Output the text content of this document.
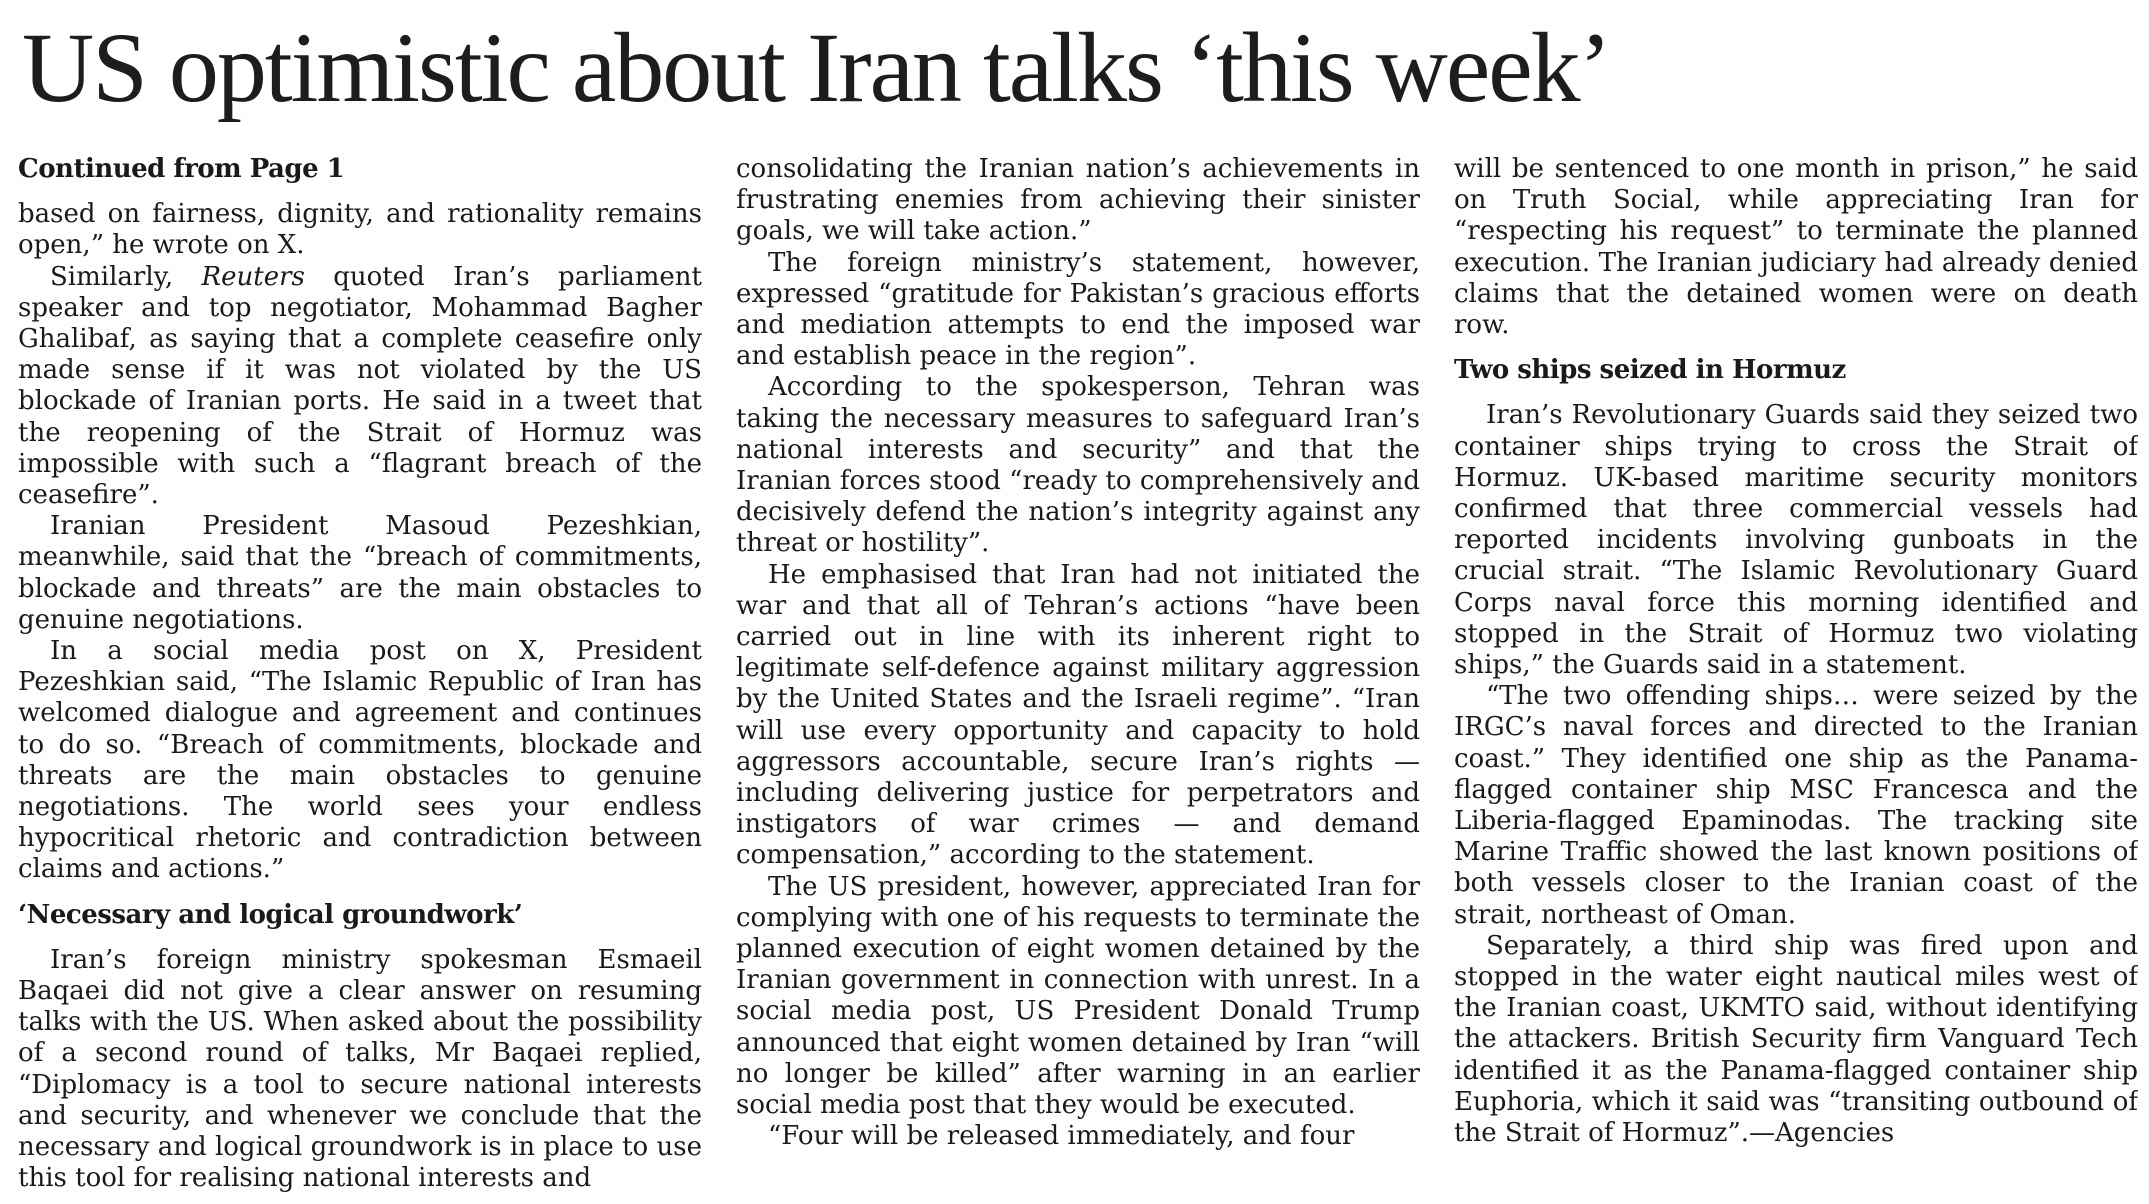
US optimistic about Iran talks ‘this week’
Continued from Page 1

based on fairness, dignity, and rationality remains open,” he wrote on X.

Similarly, Reuters quoted Iran’s parliament speaker and top negotiator, Mohammad Bagher Ghalibaf, as saying that a complete ceasefire only made sense if it was not violated by the US blockade of Iranian ports. He said in a tweet that the reopening of the Strait of Hormuz was impossible with such a “flagrant breach of the ceasefire”.

Iranian President Masoud Pezeshkian, meanwhile, said that the “breach of commitments, blockade and threats” are the main obstacles to genuine negotiations.

In a social media post on X, President Pezeshkian said, “The Islamic Republic of Iran has welcomed dialogue and agreement and continues to do so. “Breach of commitments, blockade and threats are the main obstacles to genuine negotiations. The world sees your endless hypocritical rhetoric and contradiction between claims and actions.”

‘Necessary and logical groundwork’

Iran’s foreign ministry spokesman Esmaeil Baqaei did not give a clear answer on resuming talks with the US. When asked about the possibility of a second round of talks, Mr Baqaei replied, “Diplomacy is a tool to secure national interests and security, and whenever we conclude that the necessary and logical groundwork is in place to use this tool for realising national interests and

consolidating the Iranian nation’s achievements in frustrating enemies from achieving their sinister goals, we will take action.”

The foreign ministry’s statement, however, expressed “gratitude for Pakistan’s gracious efforts and mediation attempts to end the imposed war and establish peace in the region”.

According to the spokesperson, Tehran was taking the necessary measures to safeguard Iran’s national interests and security” and that the Iranian forces stood “ready to comprehensively and decisively defend the nation’s integrity against any threat or hostility”.

He emphasised that Iran had not initiated the war and that all of Tehran’s actions “have been carried out in line with its inherent right to legitimate self-defence against military aggression by the United States and the Israeli regime”. “Iran will use every opportunity and capacity to hold aggressors accountable, secure Iran’s rights — including delivering justice for perpetrators and instigators of war crimes — and demand compensation,” according to the statement.

The US president, however, appreciated Iran for complying with one of his requests to terminate the planned execution of eight women detained by the Iranian government in connection with unrest. In a social media post, US President Donald Trump announced that eight women detained by Iran “will no longer be killed” after warning in an earlier social media post that they would be executed.

“Four will be released immediately, and four

will be sentenced to one month in prison,” he said on Truth Social, while appreciating Iran for “respecting his request” to terminate the planned execution. The Iranian judiciary had already denied claims that the detained women were on death row.

Two ships seized in Hormuz

Iran’s Revolutionary Guards said they seized two container ships trying to cross the Strait of Hormuz. UK-based maritime security monitors confirmed that three commercial vessels had reported incidents involving gunboats in the crucial strait. “The Islamic Revolutionary Guard Corps naval force this morning identified and stopped in the Strait of Hormuz two violating ships,” the Guards said in a statement.

“The two offending ships… were seized by the IRGC’s naval forces and directed to the Iranian coast.” They identified one ship as the Panama-flagged container ship MSC Francesca and the Liberia-flagged Epaminodas. The tracking site Marine Traffic showed the last known positions of both vessels closer to the Iranian coast of the strait, northeast of Oman.

Separately, a third ship was fired upon and stopped in the water eight nautical miles west of the Iranian coast, UKMTO said, without identifying the attackers. British Security firm Vanguard Tech identified it as the Panama-flagged container ship Euphoria, which it said was “transiting outbound of the Strait of Hormuz”.—Agencies
